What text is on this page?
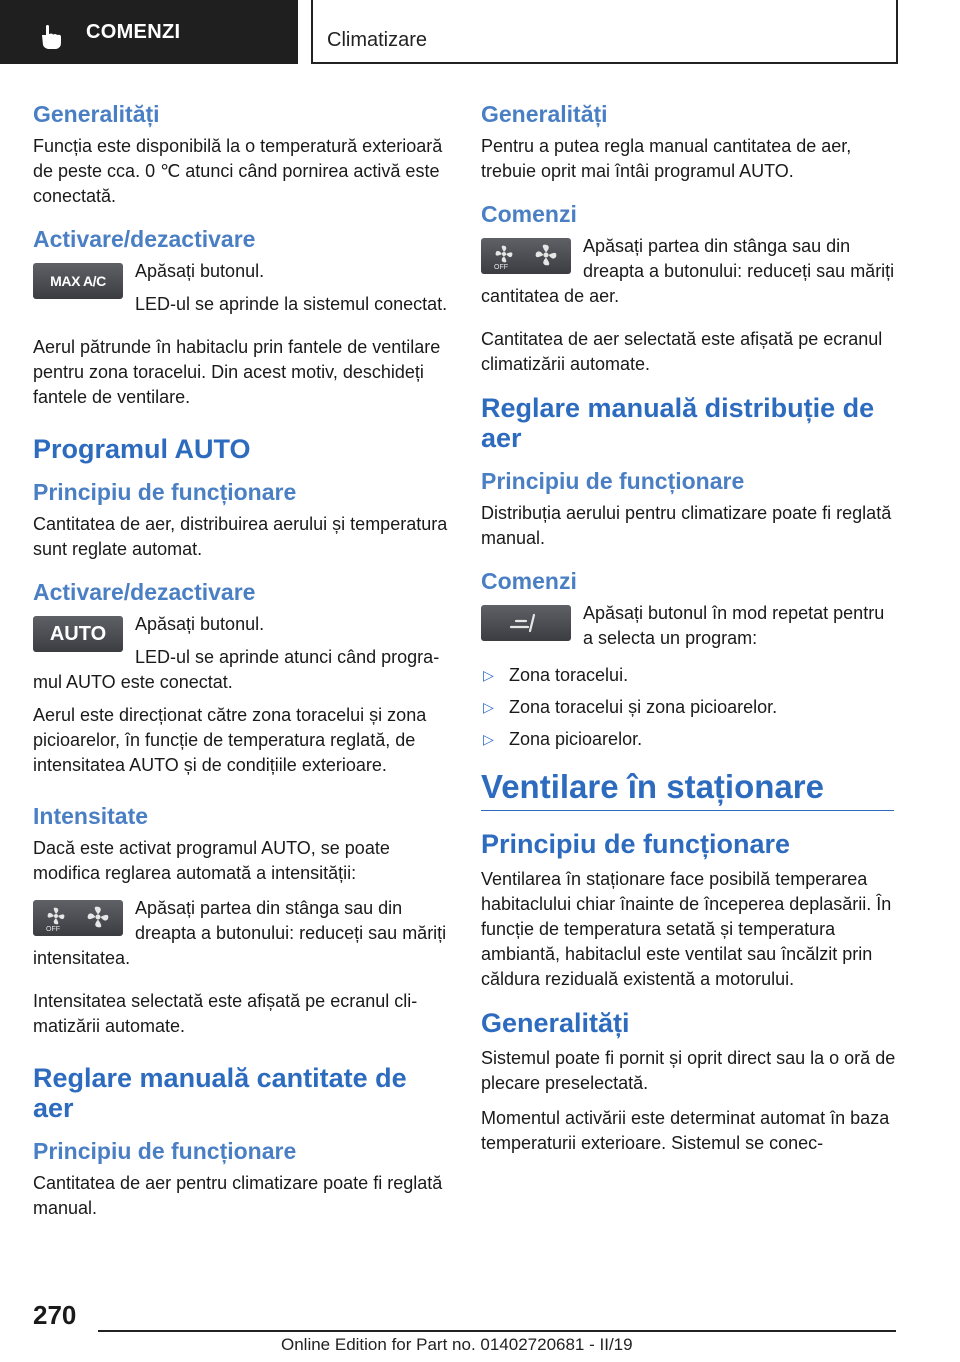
COMENZI	Climatizare
Generalități

Funcția este disponibilă la o temperatură exterioară de peste cca. 0 ℃ atunci când pornirea activă este conectată.

Activare/dezactivare
MAX A/C	Apăsați butonul.

LED-ul se aprinde la sistemul conectat.

Aerul pătrunde în habitaclu prin fantele de ventilare pentru zona toracelui. Din acest motiv, deschideți fantele de ventilare.

Programul AUTO
Principiu de funcționare

Cantitatea de aer, distribuirea aerului și temperatura sunt reglate automat.

Activare/dezactivare
AUTO	Apăsați butonul.

LED-ul se aprinde atunci când programul AUTO este conectat.

Aerul este direcționat către zona toracelui și zona picioarelor, în funcție de temperatura reglată, de intensitatea AUTO și de condițiile exterioare.

Intensitate

Dacă este activat programul AUTO, se poate modifica reglarea automată a intensității:

OFF

Apăsați partea din stânga sau din dreapta a butonului: reduceți sau măriți intensitatea.

Intensitatea selectată este afișată pe ecranul climatizării automate.

Reglare manuală cantitate de aer
Principiu de funcționare

Cantitatea de aer pentru climatizare poate fi reglată manual.

Generalități

Pentru a putea regla manual cantitatea de aer, trebuie oprit mai întâi programul AUTO.

Comenzi
OFF

Apăsați partea din stânga sau din dreapta a butonului: reduceți sau măriți cantitatea de aer.

Cantitatea de aer selectată este afișată pe ecranul climatizării automate.

Reglare manuală distribuție de aer
Principiu de funcționare

Distribuția aerului pentru climatizare poate fi reglată manual.

Comenzi

Apăsați butonul în mod repetat pentru a selecta un program:

▷ Zona toracelui.
▷ Zona toracelui și zona picioarelor.
▷ Zona picioarelor.
Ventilare în staționare
Principiu de funcționare

Ventilarea în staționare face posibilă temperarea habitaclului chiar înainte de începerea deplasării. În funcție de temperatura setată și temperatura ambiantă, habitaclul este ventilat sau încălzit prin căldura reziduală existentă a motorului.

Generalități

Sistemul poate fi pornit și oprit direct sau la o oră de plecare preselectată.

Momentul activării este determinat automat în baza temperaturii exterioare. Sistemul se conec-

270
Online Edition for Part no. 01402720681 - II/19
